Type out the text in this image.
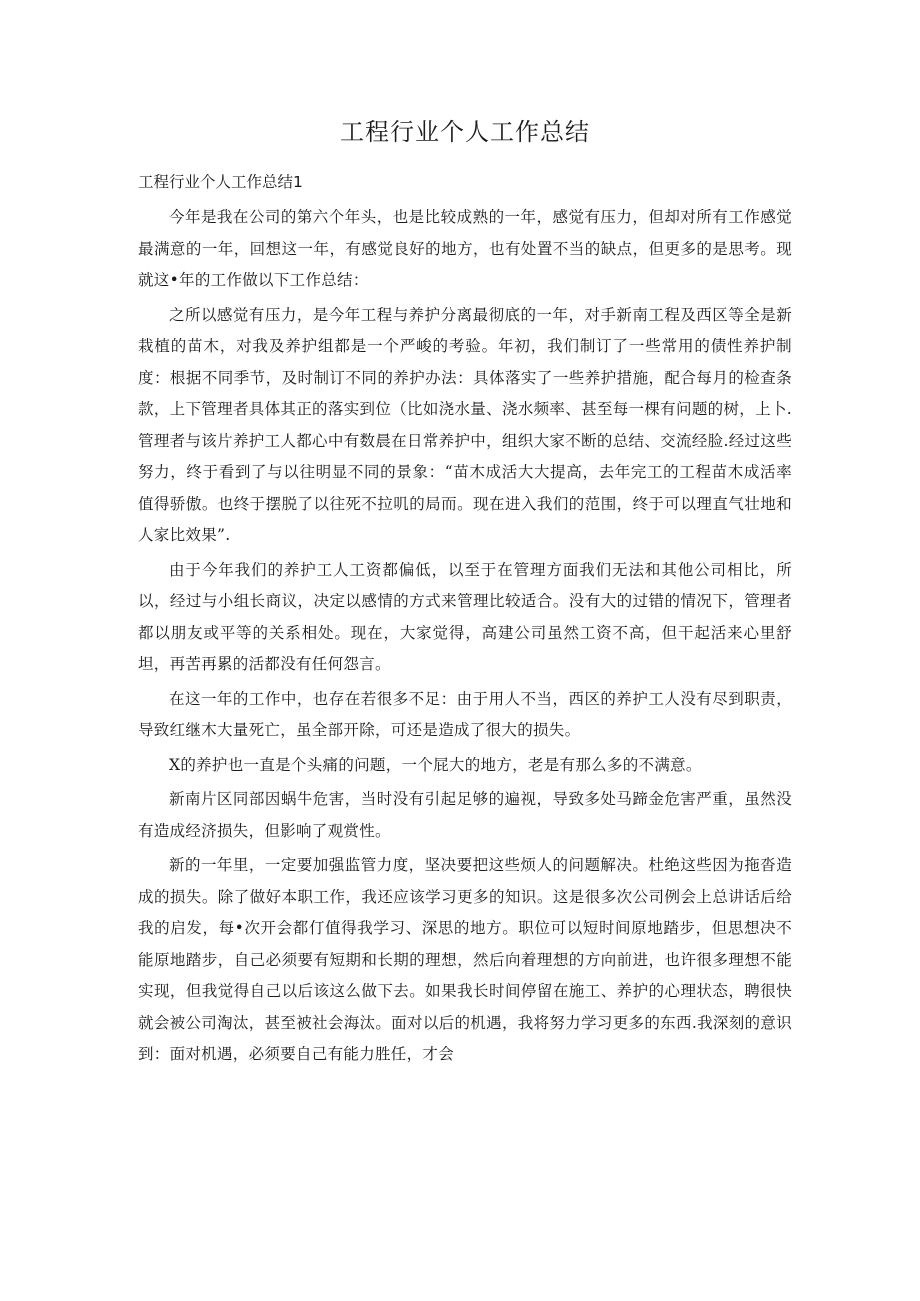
工程行业个人工作总结
工程行业个人工作总结1

今年是我在公司的第六个年头，也是比较成熟的一年，感觉有压力，但却对所有工作感觉最满意的一年，回想这一年，有感觉良好的地方，也有处置不当的缺点，但更多的是思考。现就这•年的工作做以下工作总结：

之所以感觉有压力，是今年工程与养护分离最彻底的一年，对手新南工程及西区等全是新栽植的苗木，对我及养护组都是一个严峻的考验。年初，我们制订了一些常用的债性养护制度：根据不同季节，及时制订不同的养护办法：具体落实了一些养护措施，配合每月的检查条款，上下管理者具体其正的落实到位（比如浇水量、浇水频率、甚至每一棵有问题的树，上卜.管理者与该片养护工人都心中有数晨在日常养护中，组织大家不断的总结、交流经脸.经过这些努力，终于看到了与以往明显不同的景象：“苗木成活大大提高，去年完工的工程苗木成活率值得骄傲。也终于摆脱了以往死不拉叽的局而。现在进入我们的范围，终于可以理直气壮地和人家比效果”.

由于今年我们的养护工人工资都偏低，以至于在管理方面我们无法和其他公司相比，所以，经过与小组长商议，决定以感情的方式来管理比较适合。没有大的过错的情况下，管理者都以朋友或平等的关系相处。现在，大家觉得，高建公司虽然工资不高，但干起活来心里舒坦，再苦再累的活都没有任何怨言。

在这一年的工作中，也存在若很多不足：由于用人不当，西区的养护工人没有尽到职责，导致红继木大量死亡，虽全部开除，可还是造成了很大的损失。

X的养护也一直是个头痛的问题，一个屁大的地方，老是有那么多的不满意。

新南片区同部因蜗牛危害，当时没有引起足够的遍视，导致多处马蹄金危害严重，虽然没有造成经济损失，但影响了观赏性。

新的一年里，一定要加强监管力度，坚决要把这些烦人的问题解决。杜绝这些因为拖沓造成的损失。除了做好本职工作，我还应该学习更多的知识。这是很多次公司例会上总讲话后给我的启发，每•次开会都仃值得我学习、深思的地方。职位可以短时间原地踏步，但思想决不能原地踏步，自己必须要有短期和长期的理想，然后向着理想的方向前进，也许很多理想不能实现，但我觉得自己以后该这么做下去。如果我长时间停留在施工、养护的心理状态，聘很快就会被公司淘汰，甚至被社会海汰。面对以后的机遇，我将努力学习更多的东西.我深刻的意识到：面对机遇，必须要自己有能力胜任，才会
